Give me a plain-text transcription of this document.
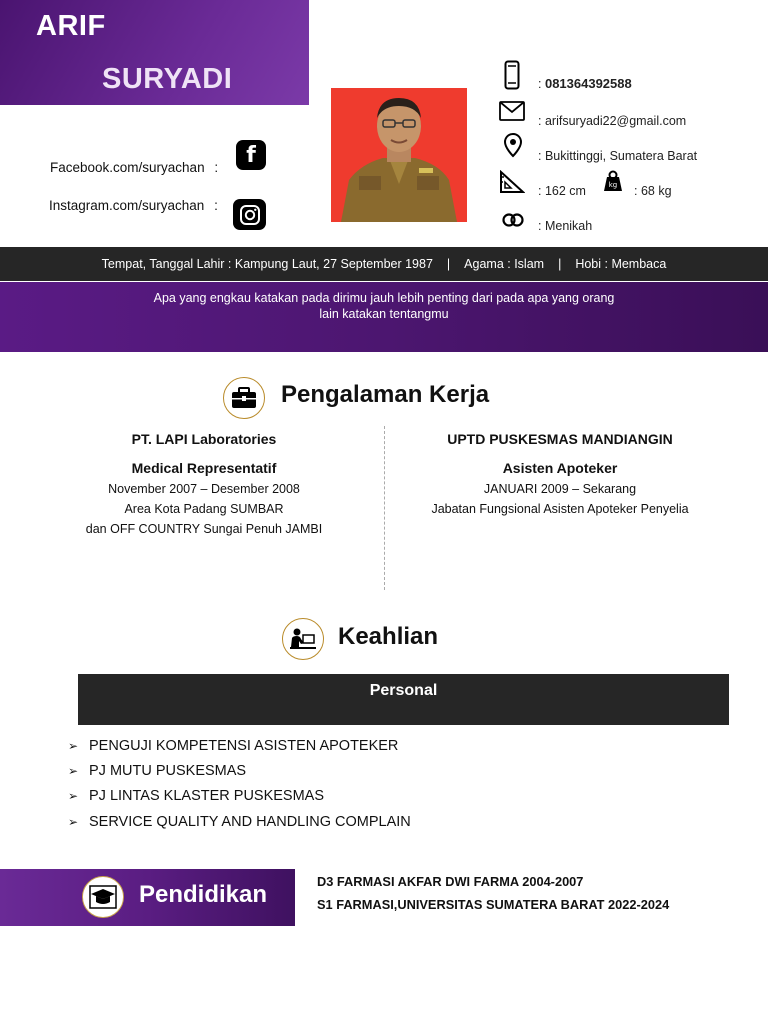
ARIF
SURYADI
Facebook.com/suryachan : f
Instagram.com/suryachan :
: 081364392588
: arifsuryadi22@gmail.com
: Bukittinggi, Sumatera Barat
: 162 cm	kg : 68 kg
: Menikah
Tempat, Tanggal Lahir : Kampung Laut, 27 September 1987 | Agama : Islam | Hobi : Membaca
Apa yang engkau katakan pada dirimu jauh lebih penting dari pada apa yang orang
lain katakan tentangmu
Pengalaman Kerja
PT. LAPI Laboratories
Medical Representatif
November 2007 – Desember 2008
Area Kota Padang SUMBAR
dan OFF COUNTRY Sungai Penuh JAMBI
UPTD PUSKESMAS MANDIANGIN
Asisten Apoteker
JANUARI 2009 – Sekarang
Jabatan Fungsional Asisten Apoteker Penyelia
Keahlian
Personal
➢ PENGUJI KOMPETENSI ASISTEN APOTEKER
➢ PJ MUTU PUSKESMAS
➢ PJ LINTAS KLASTER PUSKESMAS
➢ SERVICE QUALITY AND HANDLING COMPLAIN
Pendidikan	D3 FARMASI AKFAR DWI FARMA 2004-2007
S1 FARMASI,UNIVERSITAS SUMATERA BARAT 2022-2024
